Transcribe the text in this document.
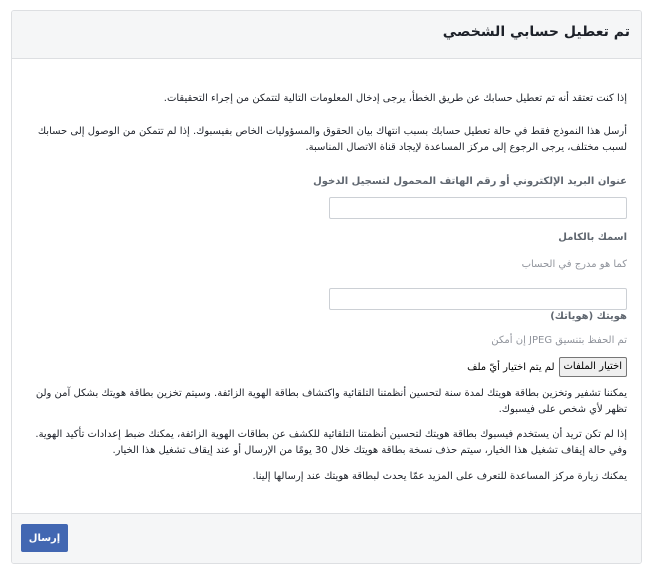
تم تعطيل حسابي الشخصي

إذا كنت تعتقد أنه تم تعطيل حسابك عن طريق الخطأ، يرجى إدخال المعلومات التالية لتتمكن من إجراء التحقيقات.

أرسل هذا النموذج فقط في حالة تعطيل حسابك بسبب انتهاك بيان الحقوق والمسؤوليات الخاص بفيسبوك. إذا لم تتمكن من الوصول إلى حسابك لسبب مختلف، يرجى الرجوع إلى مركز المساعدة لإيجاد قناة الاتصال المناسبة.

عنوان البريد الإلكتروني أو رقم الهاتف المحمول لتسجيل الدخول
اسمك بالكامل
كما هو مدرج في الحساب
هويتك (هوياتك)
تم الحفظ بتنسيق JPEG إن أمكن
اختيار الملفات
لم يتم اختيار أيّ ملف

يمكننا تشفير وتخزين بطاقة هويتك لمدة سنة لتحسين أنظمتنا التلقائية واكتشاف بطاقة الهوية الزائفة. وسيتم تخزين بطاقة هويتك بشكل آمن ولن تظهر لأي شخص على فيسبوك.

إذا لم تكن تريد أن يستخدم فيسبوك بطاقة هويتك لتحسين أنظمتنا التلقائية للكشف عن بطاقات الهوية الزائفة، يمكنك ضبط إعدادات تأكيد الهوية. وفي حالة إيقاف تشغيل هذا الخيار، سيتم حذف نسخة بطاقة هويتك خلال 30 يومًا من الإرسال أو عند إيقاف تشغيل هذا الخيار.

يمكنك زيارة مركز المساعدة للتعرف على المزيد عمّا يحدث لبطاقة هويتك عند إرسالها إلينا.

إرسال
